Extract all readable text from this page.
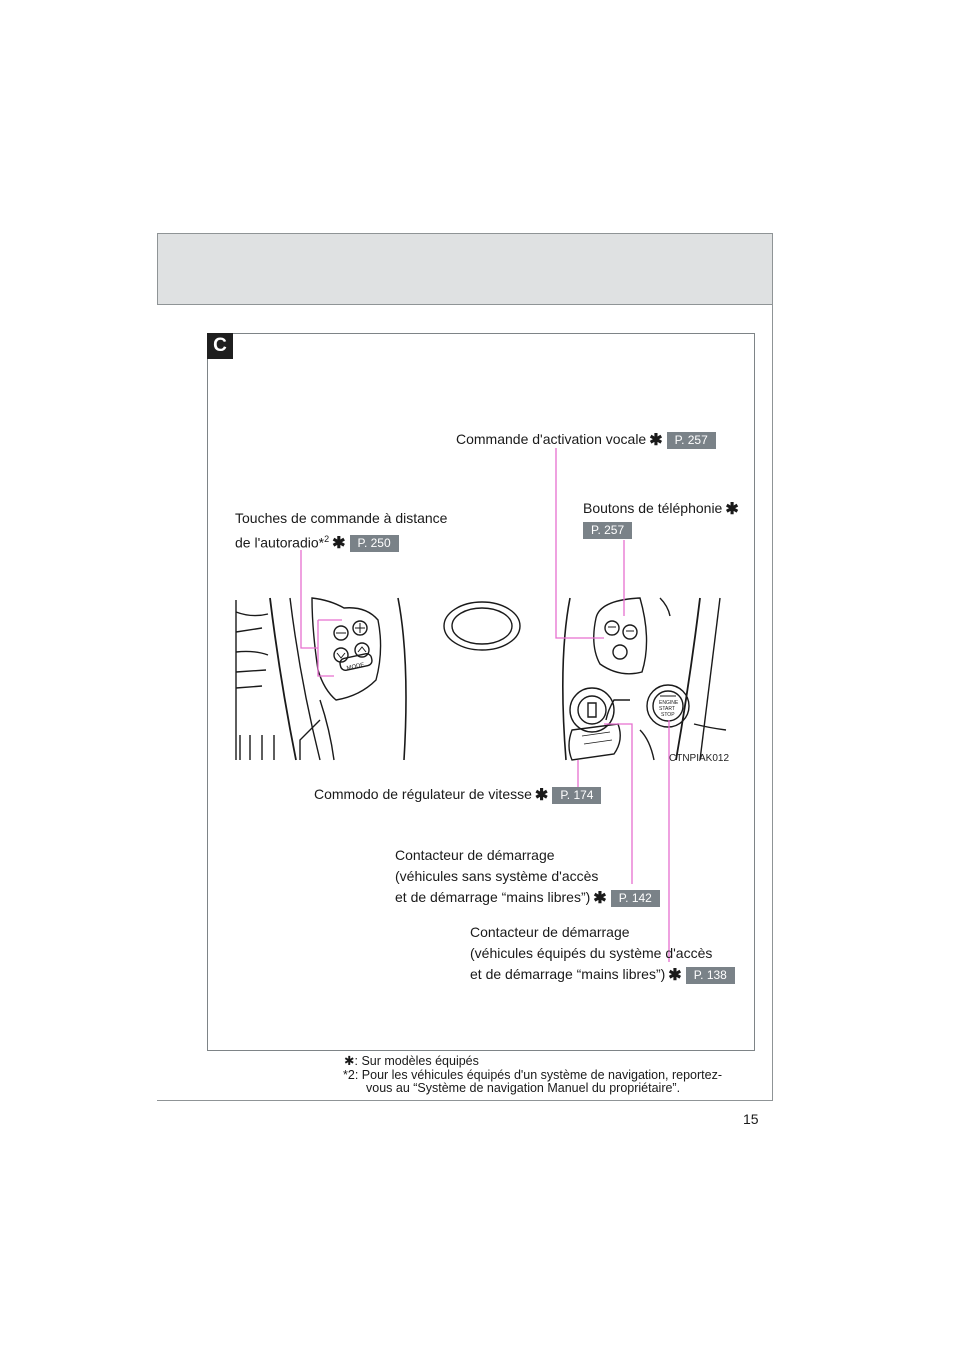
C
MODE
ENGINE
START
STOP
CTNPIAK012
Commande d'activation vocale ✱ P. 257
Boutons de téléphonie ✱
P. 257
Touches de commande à distance
de l'autoradio*$^2$ ✱ P. 250
Commodo de régulateur de vitesse ✱ P. 174
Contacteur de démarrage
(véhicules sans système d'accès
et de démarrage “mains libres”) ✱ P. 142
Contacteur de démarrage
(véhicules équipés du système d'accès
et de démarrage “mains libres”) ✱ P. 138
✱: Sur modèles équipés
*2: Pour les véhicules équipés d'un système de navigation, reportez-
vous au “Système de navigation Manuel du propriétaire”.
15
